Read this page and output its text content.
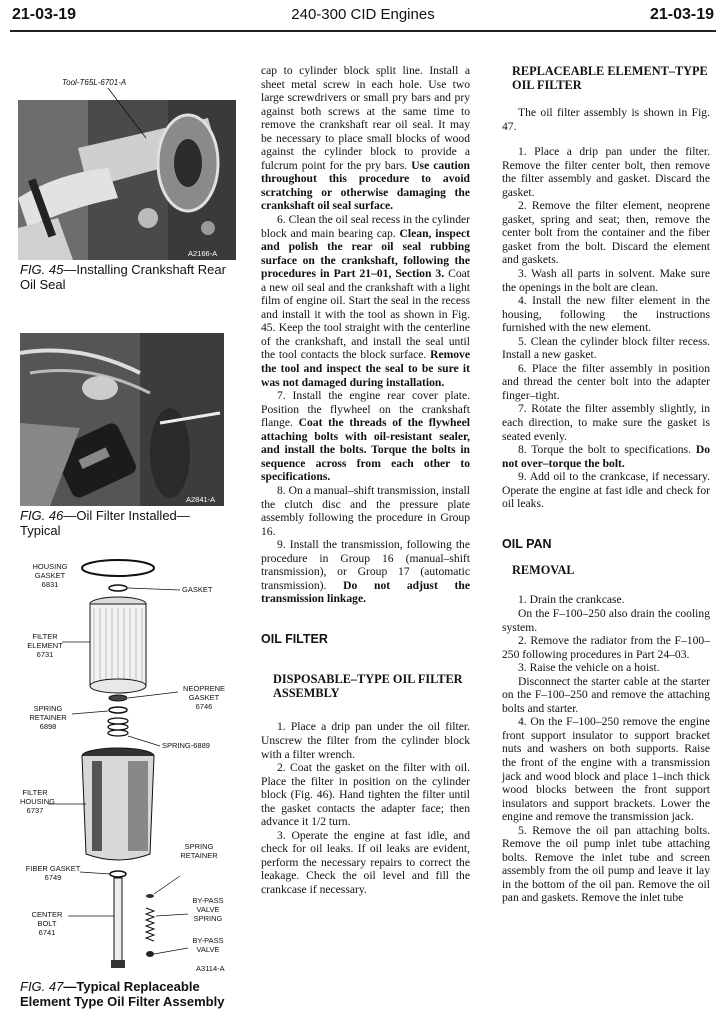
21-03-19	240-300 CID Engines	21-03-19
Tool-T65L-6701-A
A2166-A
FIG. 45—Installing Crankshaft Rear Oil Seal
A2841-A
FIG. 46—Oil Filter Installed—Typical
HOUSING GASKET
6831
GASKET
FILTER ELEMENT
6731
NEOPRENE GASKET
6746
SPRING RETAINER
6898
SPRING-6889
FILTER HOUSING
6737
SPRING RETAINER
FIBER GASKET
6749
BY-PASS VALVE SPRING
CENTER BOLT
6741
BY-PASS VALVE
A3114-A
FIG. 47—Typical Replaceable Element Type Oil Filter Assembly

cap to cylinder block split line. Install a sheet metal screw in each hole. Use two large screwdrivers or small pry bars and pry against both screws at the same time to remove the crankshaft rear oil seal. It may be necessary to place small blocks of wood against the cylinder block to provide a fulcrum point for the pry bars. Use caution throughout this procedure to avoid scratching or otherwise damaging the crankshaft oil seal surface.

6. Clean the oil seal recess in the cylinder block and main bearing cap. Clean, inspect and polish the rear oil seal rubbing surface on the crankshaft, following the procedures in Part 21–01, Section 3. Coat a new oil seal and the crankshaft with a light film of engine oil. Start the seal in the recess and install it with the tool as shown in Fig. 45. Keep the tool straight with the centerline of the crankshaft, and install the seal until the tool contacts the block surface. Remove the tool and inspect the seal to be sure it was not damaged during installation.

7. Install the engine rear cover plate. Position the flywheel on the crankshaft flange. Coat the threads of the flywheel attaching bolts with oil-resistant sealer, and install the bolts. Torque the bolts in sequence across from each other to specifications.

8. On a manual–shift transmission, install the clutch disc and the pressure plate assembly following the procedure in Group 16.

9. Install the transmission, following the procedure in Group 16 (manual–shift transmission), or Group 17 (automatic transmission). Do not adjust the transmission linkage.

OIL FILTER

DISPOSABLE–TYPE OIL FILTER ASSEMBLY

1. Place a drip pan under the oil filter. Unscrew the filter from the cylinder block with a filter wrench.

2. Coat the gasket on the filter with oil. Place the filter in position on the cylinder block (Fig. 46). Hand tighten the filter until the gasket contacts the adapter face; then advance it 1/2 turn.

3. Operate the engine at fast idle, and check for oil leaks. If oil leaks are evident, perform the necessary repairs to correct the leakage. Check the oil level and fill the crankcase if necessary.

REPLACEABLE ELEMENT–TYPE OIL FILTER

The oil filter assembly is shown in Fig. 47.

1. Place a drip pan under the filter. Remove the filter center bolt, then remove the filter assembly and gasket. Discard the gasket.

2. Remove the filter element, neoprene gasket, spring and seat; then, remove the center bolt from the container and the fiber gasket from the bolt. Discard the element and gaskets.

3. Wash all parts in solvent. Make sure the openings in the bolt are clean.

4. Install the new filter element in the housing, following the instructions furnished with the new element.

5. Clean the cylinder block filter recess. Install a new gasket.

6. Place the filter assembly in position and thread the center bolt into the adapter finger–tight.

7. Rotate the filter assembly slightly, in each direction, to make sure the gasket is seated evenly.

8. Torque the bolt to specifications. Do not over–torque the bolt.

9. Add oil to the crankcase, if necessary. Operate the engine at fast idle and check for oil leaks.

OIL PAN

REMOVAL

1. Drain the crankcase.

On the F–100–250 also drain the cooling system.

2. Remove the radiator from the F–100–250 following procedures in Part 24–03.

3. Raise the vehicle on a hoist.

Disconnect the starter cable at the starter on the F–100–250 and remove the attaching bolts and starter.

4. On the F–100–250 remove the engine front support insulator to support bracket nuts and washers on both supports. Raise the front of the engine with a transmission jack and wood block and place 1–inch thick wood blocks between the front support insulators and support brackets. Lower the engine and remove the transmission jack.

5. Remove the oil pan attaching bolts. Remove the oil pump inlet tube attaching bolts. Remove the inlet tube and screen assembly from the oil pump and leave it lay in the bottom of the oil pan. Remove the oil pan and gaskets. Remove the inlet tube
